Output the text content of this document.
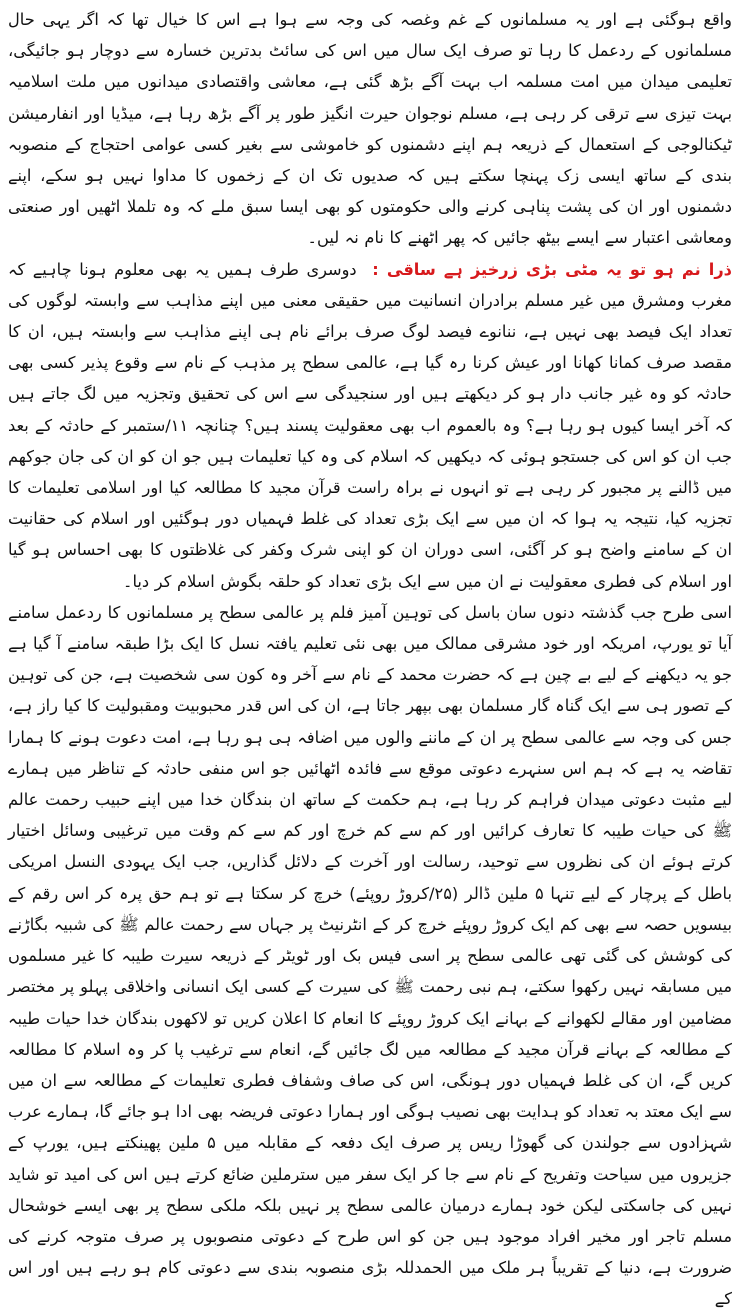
واقع ہوگئی ہے اور یہ مسلمانوں کے غم وغصہ کی وجہ سے ہوا ہے اس کا خیال تھا کہ اگر یہی حال مسلمانوں کے ردعمل کا رہا تو صرف ایک سال میں اس کی سائٹ بدترین خسارہ سے دوچار ہو جائیگی، تعلیمی میدان میں امت مسلمہ اب بہت آگے بڑھ گئی ہے، معاشی واقتصادی میدانوں میں ملت اسلامیہ بہت تیزی سے ترقی کر رہی ہے، مسلم نوجوان حیرت انگیز طور پر آگے بڑھ رہا ہے، میڈیا اور انفارمیشن ٹیکنالوجی کے استعمال کے ذریعہ ہم اپنے دشمنوں کو خاموشی سے بغیر کسی عوامی احتجاج کے منصوبہ بندی کے ساتھ ایسی زک پہنچا سکتے ہیں کہ صدیوں تک ان کے زخموں کا مداوا نہیں ہو سکے، اپنے دشمنوں اور ان کی پشت پناہی کرنے والی حکومتوں کو بھی ایسا سبق ملے کہ وہ تلملا اٹھیں اور صنعتی ومعاشی اعتبار سے ایسے بیٹھ جائیں کہ پھر اٹھنے کا نام نہ لیں۔

ذرا نم ہو تو یہ مٹی بڑی زرخیز ہے ساقی : دوسری طرف ہمیں یہ بھی معلوم ہونا چاہیے کہ مغرب ومشرق میں غیر مسلم برادران انسانیت میں حقیقی معنی میں اپنے مذاہب سے وابستہ لوگوں کی تعداد ایک فیصد بھی نہیں ہے، ننانوے فیصد لوگ صرف برائے نام ہی اپنے مذاہب سے وابستہ ہیں، ان کا مقصد صرف کمانا کھانا اور عیش کرنا رہ گیا ہے، عالمی سطح پر مذہب کے نام سے وقوع پذیر کسی بھی حادثہ کو وہ غیر جانب دار ہو کر دیکھتے ہیں اور سنجیدگی سے اس کی تحقیق وتجزیہ میں لگ جاتے ہیں کہ آخر ایسا کیوں ہو رہا ہے؟ وہ بالعموم اب بھی معقولیت پسند ہیں؟ چنانچہ ۱۱/ستمبر کے حادثہ کے بعد جب ان کو اس کی جستجو ہوئی کہ دیکھیں کہ اسلام کی وہ کیا تعلیمات ہیں جو ان کو ان کی جان جوکھم میں ڈالنے پر مجبور کر رہی ہے تو انہوں نے براہ راست قرآن مجید کا مطالعہ کیا اور اسلامی تعلیمات کا تجزیہ کیا، نتیجہ یہ ہوا کہ ان میں سے ایک بڑی تعداد کی غلط فہمیاں دور ہوگئیں اور اسلام کی حقانیت ان کے سامنے واضح ہو کر آگئی، اسی دوران ان کو اپنی شرک وکفر کی غلاظتوں کا بھی احساس ہو گیا اور اسلام کی فطری معقولیت نے ان میں سے ایک بڑی تعداد کو حلقہ بگوش اسلام کر دیا۔

اسی طرح جب گذشتہ دنوں سان باسل کی توہین آمیز فلم پر عالمی سطح پر مسلمانوں کا ردعمل سامنے آیا تو یورپ، امریکہ اور خود مشرقی ممالک میں بھی نئی تعلیم یافتہ نسل کا ایک بڑا طبقہ سامنے آ گیا ہے جو یہ دیکھنے کے لیے بے چین ہے کہ حضرت محمد کے نام سے آخر وہ کون سی شخصیت ہے، جن کی توہین کے تصور ہی سے ایک گناہ گار مسلمان بھی بپھر جاتا ہے، ان کی اس قدر محبوبیت ومقبولیت کا کیا راز ہے، جس کی وجہ سے عالمی سطح پر ان کے ماننے والوں میں اضافہ ہی ہو رہا ہے، امت دعوت ہونے کا ہمارا تقاضہ یہ ہے کہ ہم اس سنہرے دعوتی موقع سے فائدہ اٹھائیں جو اس منفی حادثہ کے تناظر میں ہمارے لیے مثبت دعوتی میدان فراہم کر رہا ہے، ہم حکمت کے ساتھ ان بندگان خدا میں اپنے حبیب رحمت عالم ﷺ کی حیات طیبہ کا تعارف کرائیں اور کم سے کم خرچ اور کم سے کم وقت میں ترغیبی وسائل اختیار کرتے ہوئے ان کی نظروں سے توحید، رسالت اور آخرت کے دلائل گذاریں، جب ایک یہودی النسل امریکی باطل کے پرچار کے لیے تنہا ۵ ملین ڈالر (۲۵/کروڑ روپئے) خرچ کر سکتا ہے تو ہم حق پرہ کر اس رقم کے بیسویں حصہ سے بھی کم ایک کروڑ روپئے خرچ کر کے انٹرنیٹ پر جہاں سے رحمت عالم ﷺ کی شبیہ بگاڑنے کی کوشش کی گئی تھی عالمی سطح پر اسی فیس بک اور ٹویٹر کے ذریعہ سیرت طیبہ کا غیر مسلموں میں مسابقہ نہیں رکھوا سکتے، ہم نبی رحمت ﷺ کی سیرت کے کسی ایک انسانی واخلاقی پہلو پر مختصر مضامین اور مقالے لکھوانے کے بہانے ایک کروڑ روپئے کا انعام کا اعلان کریں تو لاکھوں بندگان خدا حیات طیبہ کے مطالعہ کے بہانے قرآن مجید کے مطالعہ میں لگ جائیں گے، انعام سے ترغیب پا کر وہ اسلام کا مطالعہ کریں گے، ان کی غلط فہمیاں دور ہونگی، اس کی صاف وشفاف فطری تعلیمات کے مطالعہ سے ان میں سے ایک معتد بہ تعداد کو ہدایت بھی نصیب ہوگی اور ہمارا دعوتی فریضہ بھی ادا ہو جائے گا، ہمارے عرب شہزادوں سے جولندن کی گھوڑا ریس پر صرف ایک دفعہ کے مقابلہ میں ۵ ملین پھینکتے ہیں، یورپ کے جزیروں میں سیاحت وتفریح کے نام سے جا کر ایک سفر میں سترملین ضائع کرتے ہیں اس کی امید تو شاید نہیں کی جاسکتی لیکن خود ہمارے درمیان عالمی سطح پر نہیں بلکہ ملکی سطح پر بھی ایسے خوشحال مسلم تاجر اور مخیر افراد موجود ہیں جن کو اس طرح کے دعوتی منصوبوں پر صرف متوجہ کرنے کی ضرورت ہے، دنیا کے تقریباً ہر ملک میں الحمدللہ بڑی منصوبہ بندی سے دعوتی کام ہو رہے ہیں اور اس کے
